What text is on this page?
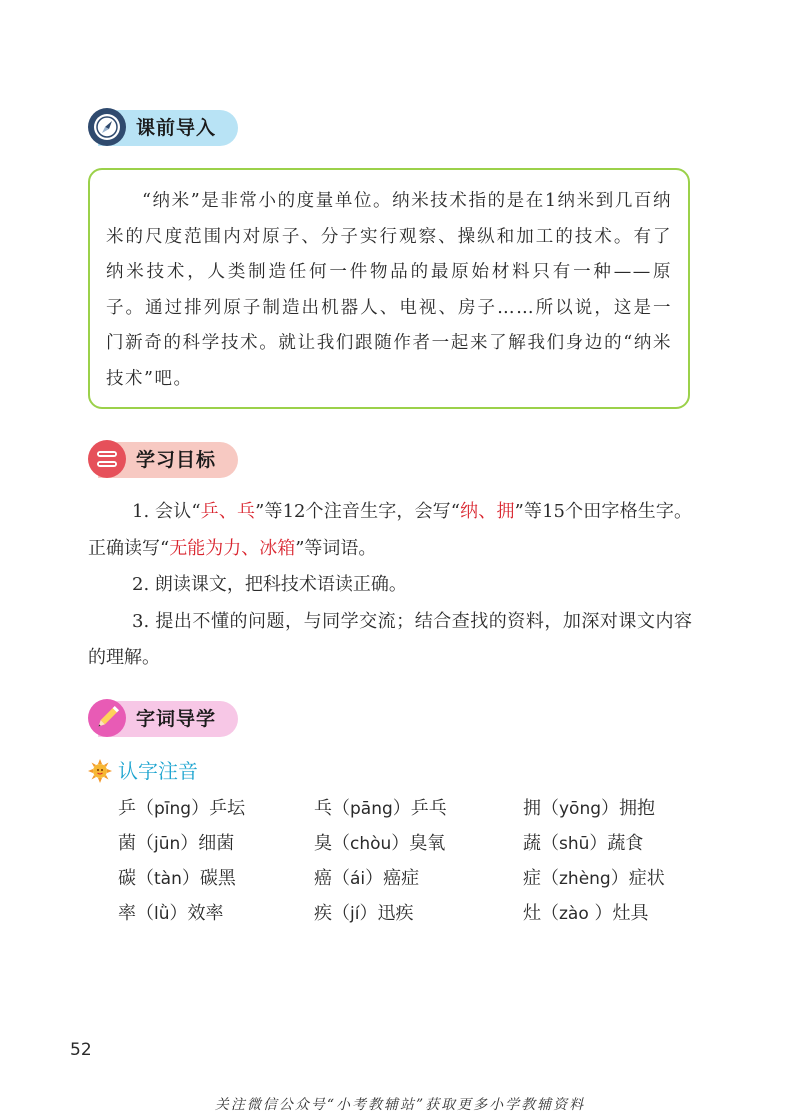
课前导入

“纳米”是非常小的度量单位。纳米技术指的是在1纳米到几百纳米的尺度范围内对原子、分子实行观察、操纵和加工的技术。有了纳米技术，人类制造任何一件物品的最原始材料只有一种——原子。通过排列原子制造出机器人、电视、房子……所以说，这是一门新奇的科学技术。就让我们跟随作者一起来了解我们身边的“纳米技术”吧。

学习目标

1. 会认“乒、乓”等12个注音生字，会写“纳、拥”等15个田字格生字。正确读写“无能为力、冰箱”等词语。

2. 朗读课文，把科技术语读正确。

3. 提出不懂的问题，与同学交流；结合查找的资料，加深对课文内容的理解。

字词导学
认字注音
乒（pīng）乒坛	乓（pāng）乒乓	拥（yōng）拥抱
菌（jūn）细菌	臭（chòu）臭氧	蔬（shū）蔬食
碳（tàn）碳黑	癌（ái）癌症	症（zhèng）症状
率（lǜ）效率	疾（jí）迅疾	灶（zào ）灶具
52
关注微信公众号“小考教辅站”获取更多小学教辅资料
